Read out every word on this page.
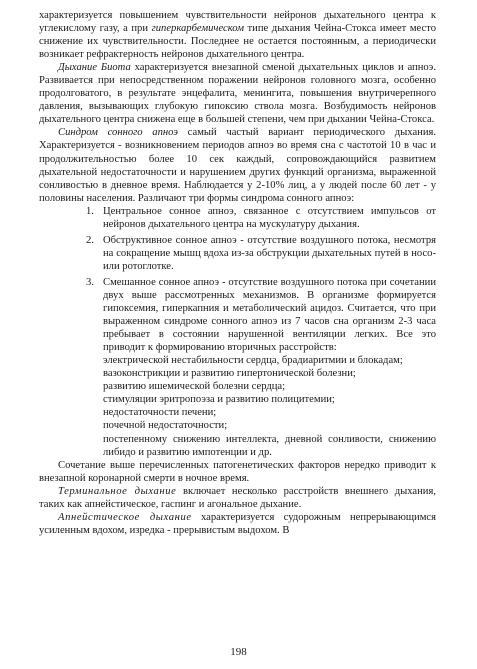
характеризуется повышением чувствительности нейронов дыхательного центра к углекислому газу, а при гиперкарбемическом типе дыхания Чейна-Стокса имеет место снижение их чувствительности. Последнее не остается постоянным, а периодически возникает рефрактерность нейронов дыхательного центра.

Дыхание Биота характеризуется внезапной сменой дыхательных циклов и апноэ. Развивается при непосредственном поражении нейронов головного мозга, особенно продолговатого, в результате энцефалита, менингита, повышения внутричерепного давления, вызывающих глубокую гипоксию ствола мозга. Возбудимость нейронов дыхательного центра снижена еще в большей степени, чем при дыхании Чейна-Стокса.

Синдром сонного апноэ самый частый вариант периодического дыхания. Характеризуется - возникновением периодов апноэ во время сна с частотой 10 в час и продолжительностью более 10 сек каждый, сопровождающийся развитием дыхательной недостаточности и нарушением других функций организма, выраженной сонливостью в дневное время. Наблюдается у 2-10% лиц, а у людей после 60 лет - у половины населения. Различают три формы синдрома сонного апноэ:

1. Центральное сонное апноэ, связанное с отсутствием импульсов от нейронов дыхательного центра на мускулатуру дыхания.
2. Обструктивное сонное апноэ - отсутствие воздушного потока, несмотря на сокращение мышц вдоха из-за обструкции дыхательных путей в носо- или ротоглотке.
3. Смешанное сонное апноэ - отсутствие воздушного потока при сочетании двух выше рассмотренных механизмов. В организме формируется гипоксемия, гиперкапния и метаболический ацидоз. Считается, что при выраженном синдроме сонного апноэ из 7 часов сна организм 2-3 часа пребывает в состоянии нарушенной вентиляции легких. Все это приводит к формированию вторичных расстройств:
электрической нестабильности сердца, брадиаритмии и блокадам;
вазоконстрикции и развитию гипертонической болезни;
развитию ишемической болезни сердца;
стимуляции эритропоэза и развитию полицитемии;
недостаточности печени;
почечной недостаточности;
постепенному снижению интеллекта, дневной сонливости, снижению либидо и развитию импотенции и др.

Сочетание выше перечисленных патогенетических факторов нередко приводит к внезапной коронарной смерти в ночное время.

Терминальное дыхание включает несколько расстройств внешнего дыхания, таких как апнейстическое, гаспинг и агональное дыхание.

Апнейстическое дыхание характеризуется судорожным непрерывающимся усиленным вдохом, изредка - прерывистым выдохом. В

198
